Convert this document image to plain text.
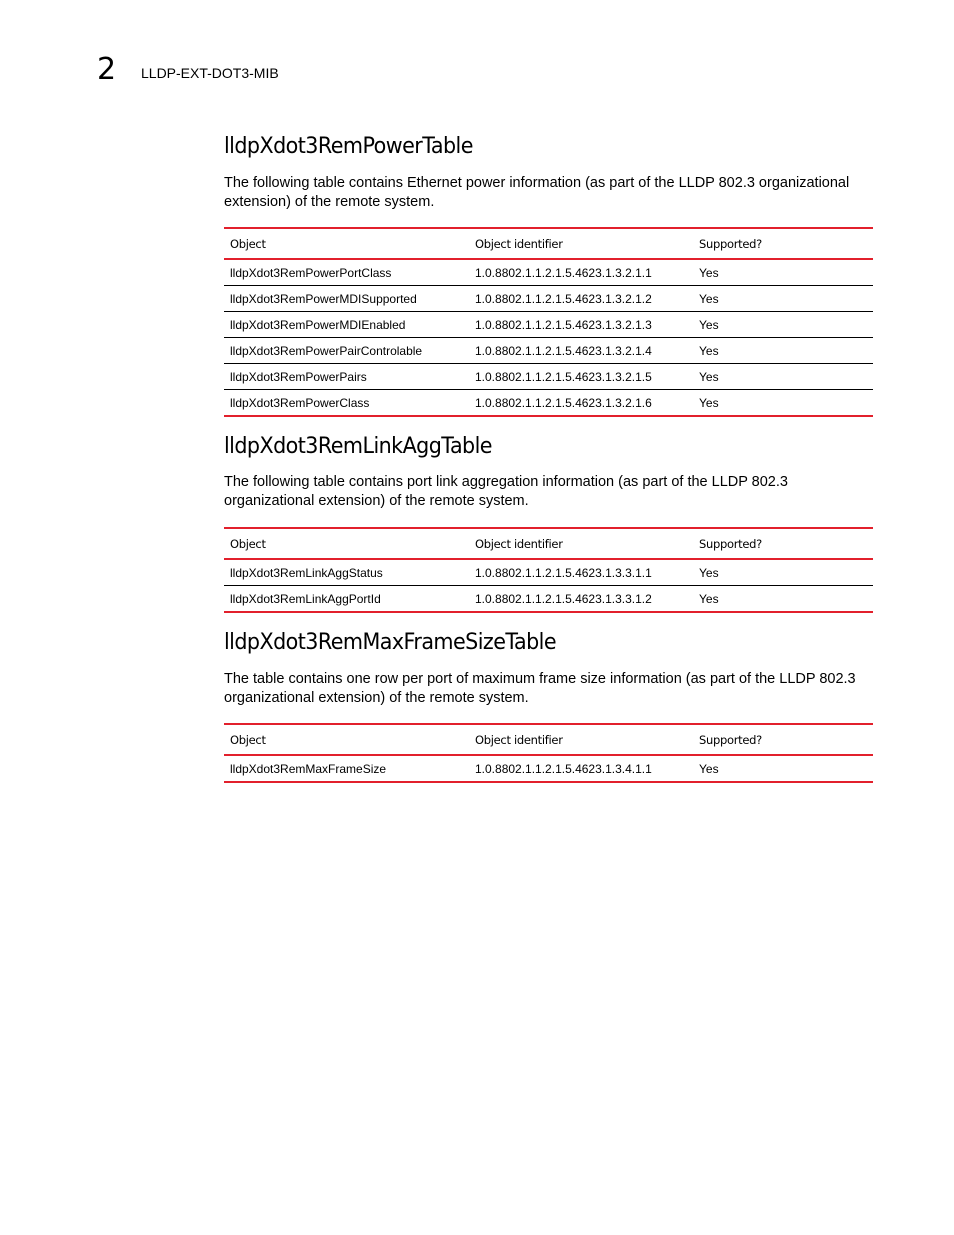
2 LLDP-EXT-DOT3-MIB
lldpXdot3RemPowerTable

The following table contains Ethernet power information (as part of the LLDP 802.3 organizational extension) of the remote system.

Object	Object identifier	Supported?
lldpXdot3RemPowerPortClass	1.0.8802.1.1.2.1.5.4623.1.3.2.1.1	Yes
lldpXdot3RemPowerMDISupported	1.0.8802.1.1.2.1.5.4623.1.3.2.1.2	Yes
lldpXdot3RemPowerMDIEnabled	1.0.8802.1.1.2.1.5.4623.1.3.2.1.3	Yes
lldpXdot3RemPowerPairControlable	1.0.8802.1.1.2.1.5.4623.1.3.2.1.4	Yes
lldpXdot3RemPowerPairs	1.0.8802.1.1.2.1.5.4623.1.3.2.1.5	Yes
lldpXdot3RemPowerClass	1.0.8802.1.1.2.1.5.4623.1.3.2.1.6	Yes
lldpXdot3RemLinkAggTable

The following table contains port link aggregation information (as part of the LLDP 802.3 organizational extension) of the remote system.

Object	Object identifier	Supported?
lldpXdot3RemLinkAggStatus	1.0.8802.1.1.2.1.5.4623.1.3.3.1.1	Yes
lldpXdot3RemLinkAggPortId	1.0.8802.1.1.2.1.5.4623.1.3.3.1.2	Yes
lldpXdot3RemMaxFrameSizeTable

The table contains one row per port of maximum frame size information (as part of the LLDP 802.3 organizational extension) of the remote system.

Object	Object identifier	Supported?
lldpXdot3RemMaxFrameSize	1.0.8802.1.1.2.1.5.4623.1.3.4.1.1	Yes
